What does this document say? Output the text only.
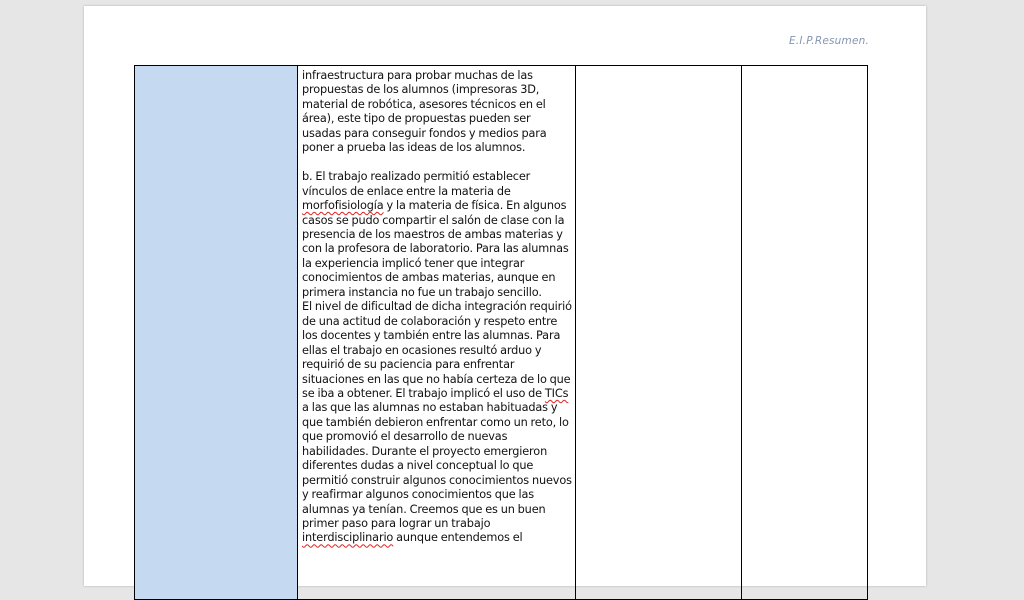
E.I.P.Resumen.

infraestructura para probar muchas de las propuestas de los alumnos (impresoras 3D, material de robótica, asesores técnicos en el área), este tipo de propuestas pueden ser usadas para conseguir fondos y medios para poner a prueba las ideas de los alumnos.
b. El trabajo realizado permitió establecer vínculos de enlace entre la materia de morfofisiología y la materia de física. En algunos casos se pudo compartir el salón de clase con la presencia de los maestros de ambas materias y con la profesora de laboratorio. Para las alumnas la experiencia implicó tener que integrar conocimientos de ambas materias, aunque en primera instancia no fue un trabajo sencillo.
El nivel de dificultad de dicha integración requirió de una actitud de colaboración y respeto entre los docentes y también entre las alumnas. Para ellas el trabajo en ocasiones resultó arduo y requirió de su paciencia para enfrentar situaciones en las que no había certeza de lo que se iba a obtener. El trabajo implicó el uso de TICs a las que las alumnas no estaban habituadas y que también debieron enfrentar como un reto, lo que promovió el desarrollo de nuevas habilidades. Durante el proyecto emergieron diferentes dudas a nivel conceptual lo que permitió construir algunos conocimientos nuevos y reafirmar algunos conocimientos que las alumnas ya tenían. Creemos que es un buen primer paso para lograr un trabajo interdisciplinario aunque entendemos el
